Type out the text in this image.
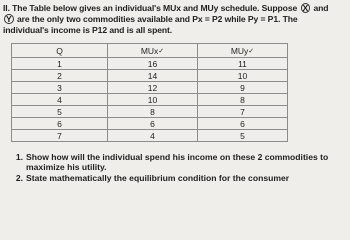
II. The Table below gives an individual's MUx and MUy schedule. Suppose X and
Y are the only two commodities available and Px = P2 while Py = P1. The
individual's income is P12 and is all spent.
Q	MUx✓	MUy✓
1	16	11
2	14	10
3	12	9
4	10	8
5	8	7
6	6	6
7	4	5
1. Show how will the individual spend his income on these 2 commodities to maximize his utility.
2. State mathematically the equilibrium condition for the consumer
